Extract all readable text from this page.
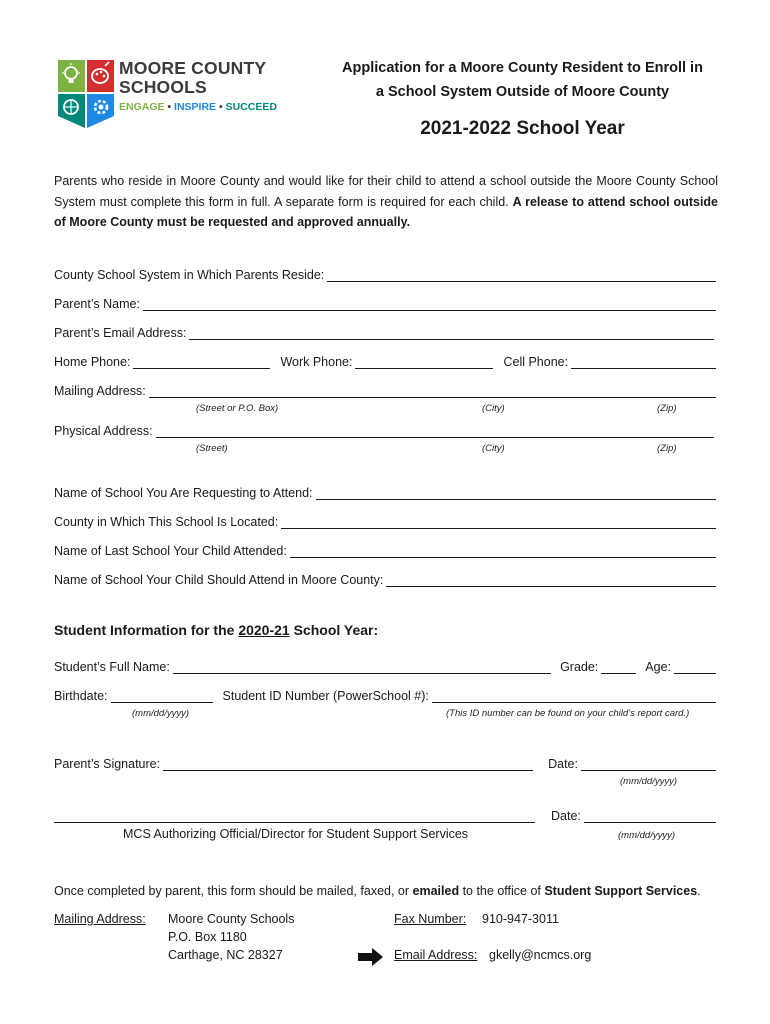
MOORE COUNTY
SCHOOLS
ENGAGE • INSPIRE • SUCCEED
Application for a Moore County Resident to Enroll in
a School System Outside of Moore County
2021-2022 School Year
Parents who reside in Moore County and would like for their child to attend a school outside the Moore County School System must complete this form in full. A separate form is required for each child. A release to attend school outside of Moore County must be requested and approved annually.
County School System in Which Parents Reside:
Parent’s Name:
Parent’s Email Address:
Home Phone:	Work Phone:	Cell Phone:
Mailing Address:
(Street or P.O. Box)	(City)	(Zip)
Physical Address:
(Street)	(City)	(Zip)
Name of School You Are Requesting to Attend:
County in Which This School Is Located:
Name of Last School Your Child Attended:
Name of School Your Child Should Attend in Moore County:
Student Information for the 2020-21 School Year:
Student’s Full Name:	Grade:	Age:
Birthdate:	Student ID Number (PowerSchool #):
(mm/dd/yyyy)	(This ID number can be found on your child’s report card.)
Parent’s Signature:	Date:
(mm/dd/yyyy)
Date:
MCS Authorizing Official/Director for Student Support Services	(mm/dd/yyyy)
Once completed by parent, this form should be mailed, faxed, or emailed to the office of Student Support Services.
Mailing Address: Moore County Schools
P.O. Box 1180
Carthage, NC 28327
Fax Number: 910-947-3011
Email Address: gkelly@ncmcs.org
